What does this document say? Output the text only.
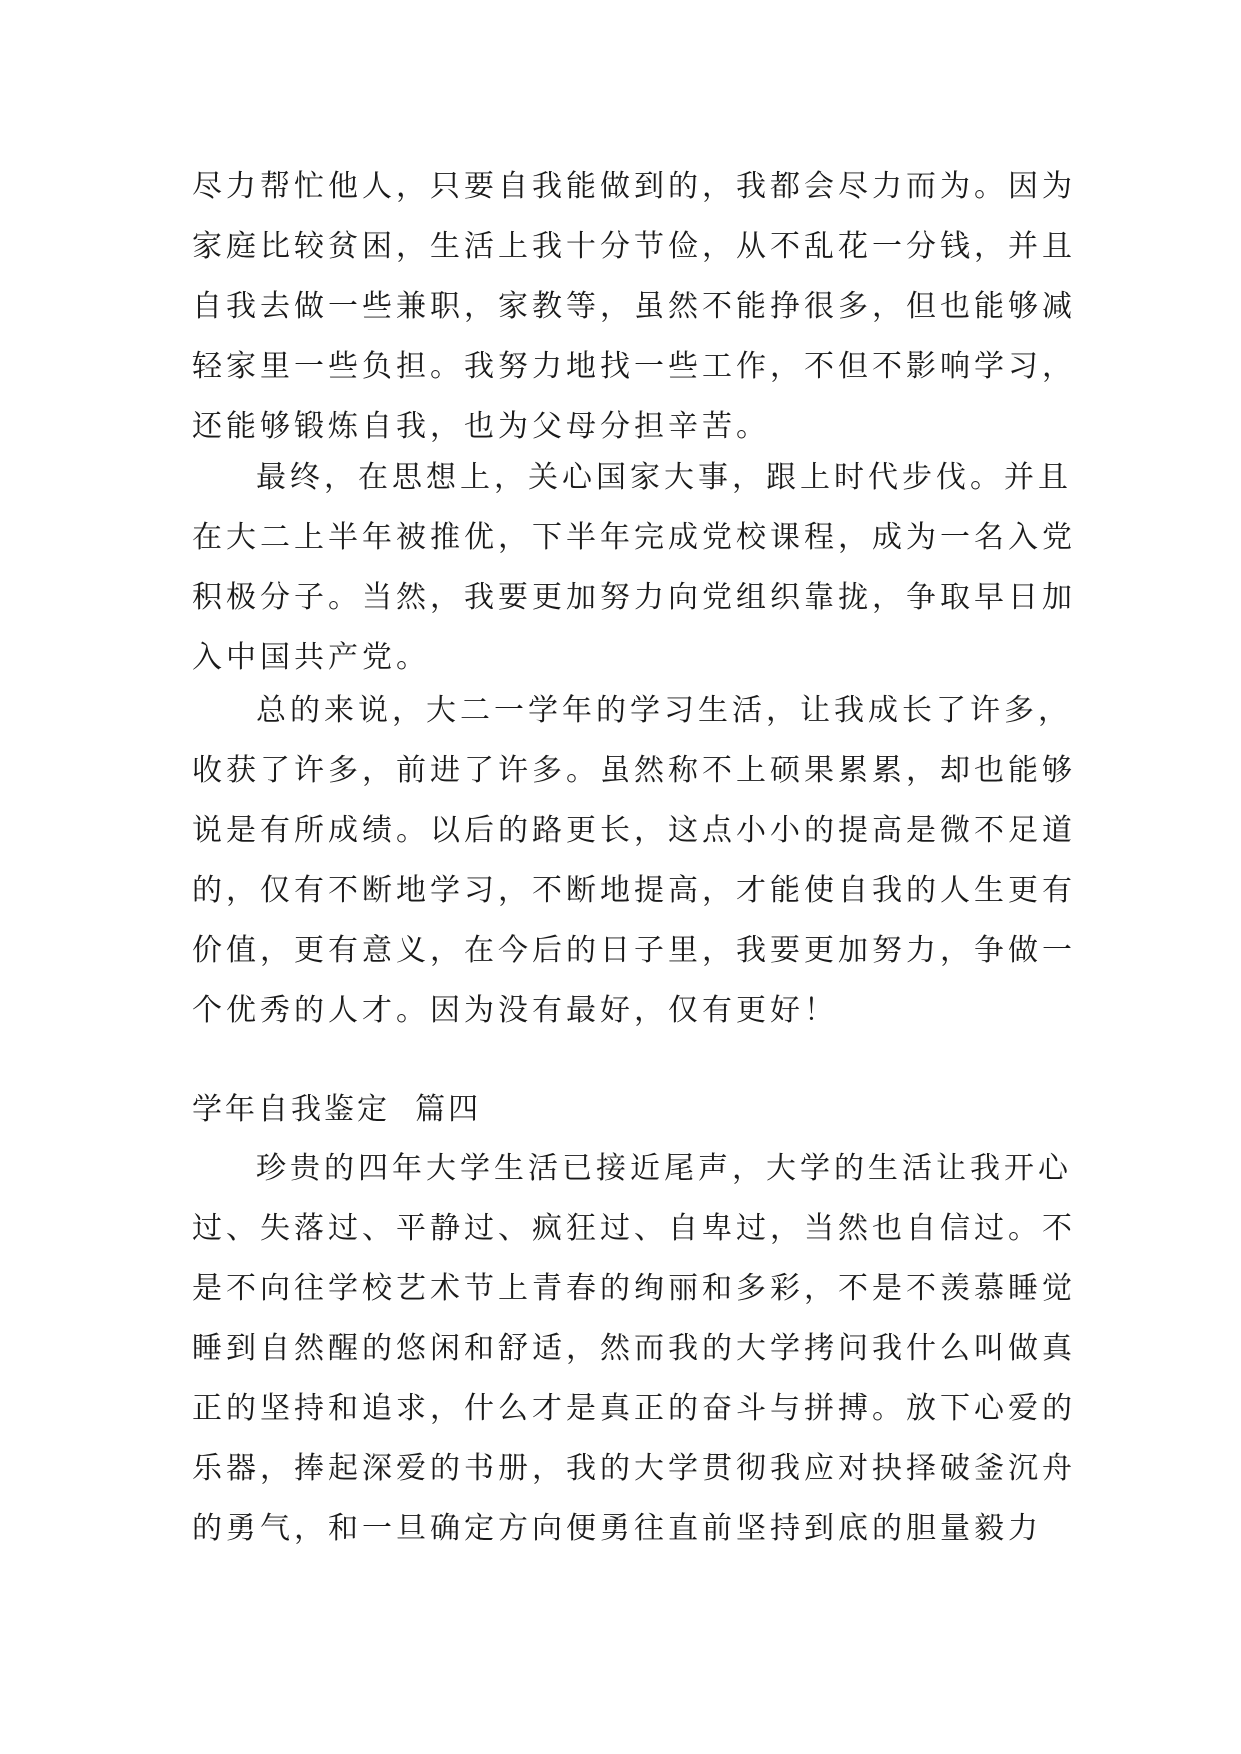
尽力帮忙他人，只要自我能做到的，我都会尽力而为。因为
家庭比较贫困，生活上我十分节俭，从不乱花一分钱，并且
自我去做一些兼职，家教等，虽然不能挣很多，但也能够减
轻家里一些负担。我努力地找一些工作，不但不影响学习，
还能够锻炼自我，也为父母分担辛苦。
最终，在思想上，关心国家大事，跟上时代步伐。并且
在大二上半年被推优，下半年完成党校课程，成为一名入党
积极分子。当然，我要更加努力向党组织靠拢，争取早日加
入中国共产党。
总的来说，大二一学年的学习生活，让我成长了许多，
收获了许多，前进了许多。虽然称不上硕果累累，却也能够
说是有所成绩。以后的路更长，这点小小的提高是微不足道
的，仅有不断地学习，不断地提高，才能使自我的人生更有
价值，更有意义，在今后的日子里，我要更加努力，争做一
个优秀的人才。因为没有最好，仅有更好！
学年自我鉴定  篇四
珍贵的四年大学生活已接近尾声，大学的生活让我开心
过、失落过、平静过、疯狂过、自卑过，当然也自信过。不
是不向往学校艺术节上青春的绚丽和多彩，不是不羡慕睡觉
睡到自然醒的悠闲和舒适，然而我的大学拷问我什么叫做真
正的坚持和追求，什么才是真正的奋斗与拼搏。放下心爱的
乐器，捧起深爱的书册，我的大学贯彻我应对抉择破釜沉舟
的勇气，和一旦确定方向便勇往直前坚持到底的胆量毅力
